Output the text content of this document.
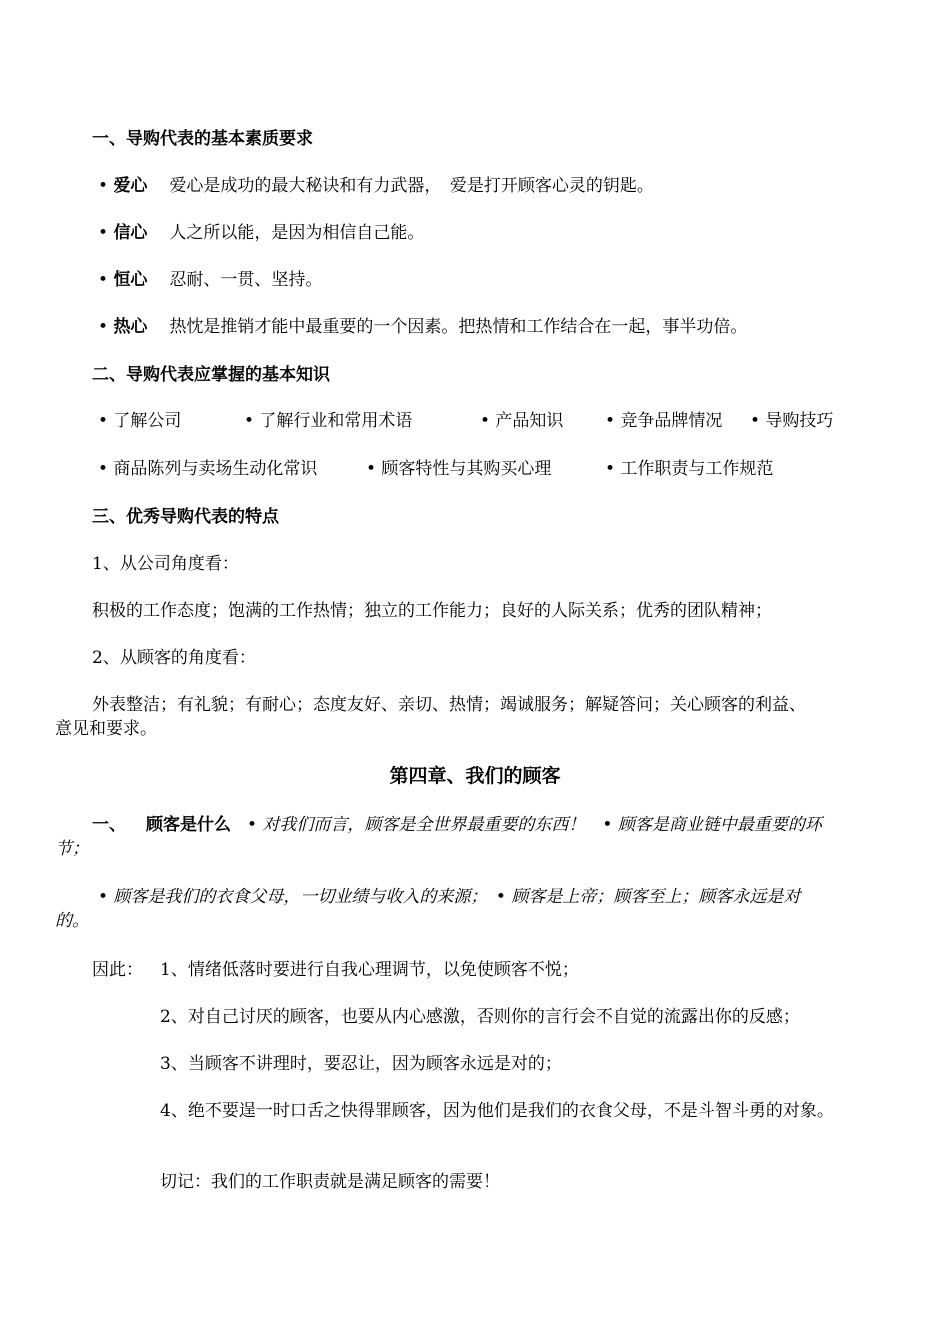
一、导购代表的基本素质要求
• 爱心 爱心是成功的最大秘诀和有力武器，　爱是打开顾客心灵的钥匙。
• 信心 人之所以能，是因为相信自己能。
• 恒心 忍耐、一贯、坚持。
• 热心 热忱是推销才能中最重要的一个因素。把热情和工作结合在一起，事半功倍。
二、导购代表应掌握的基本知识
• 了解公司	• 了解行业和常用术语	• 产品知识 • 竞争品牌情况 • 导购技巧
• 商品陈列与卖场生动化常识	• 顾客特性与其购买心理	• 工作职责与工作规范
三、优秀导购代表的特点
1、从公司角度看：
积极的工作态度；饱满的工作热情；独立的工作能力；良好的人际关系；优秀的团队精神；
2、从顾客的角度看：
外表整洁；有礼貌；有耐心；态度友好、亲切、热情；竭诚服务；解疑答问；关心顾客的利益、
意见和要求。
第四章、我们的顾客
一、 顾客是什么 • 对我们而言，顾客是全世界最重要的东西！　• 顾客是商业链中最重要的环
节；
• 顾客是我们的衣食父母，一切业绩与收入的来源；　• 顾客是上帝；顾客至上；顾客永远是对
的。
因此： 1、情绪低落时要进行自我心理调节，以免使顾客不悦；
2、对自己讨厌的顾客，也要从内心感激，否则你的言行会不自觉的流露出你的反感；
3、当顾客不讲理时，要忍让，因为顾客永远是对的；
4、绝不要逞一时口舌之快得罪顾客，因为他们是我们的衣食父母，不是斗智斗勇的对象。
切记：我们的工作职责就是满足顾客的需要！
